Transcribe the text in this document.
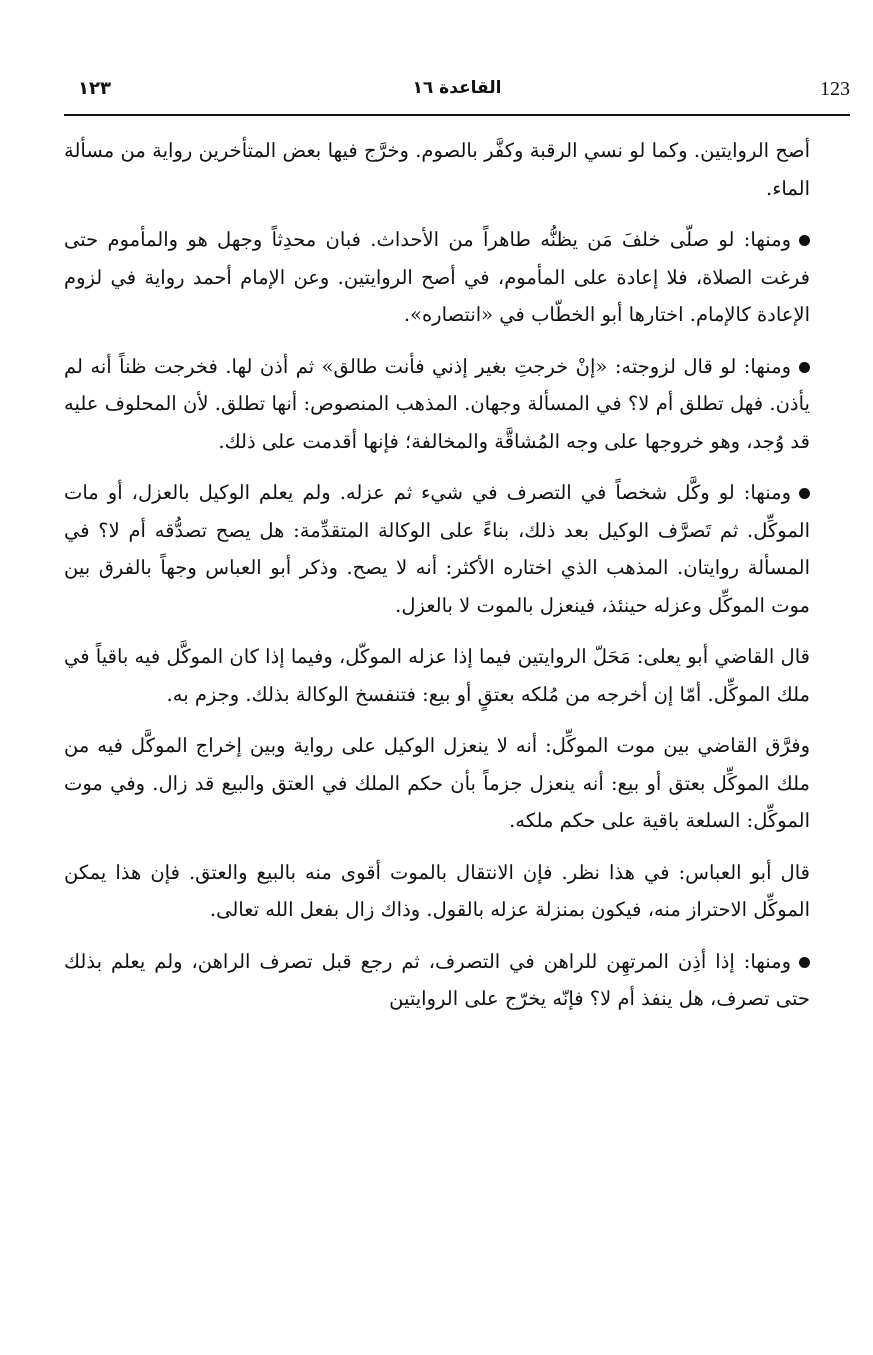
123
القاعدة ١٦
١٢٣

أصح الروايتين. وكما لو نسي الرقبة وكفَّر بالصوم. وخرَّج فيها بعض المتأخرين رواية من مسألة الماء.

ومنها: لو صلّى خلفَ مَن يظنُّه طاهراً من الأحداث. فبان محدِثاً وجهل هو والمأموم حتى فرغت الصلاة، فلا إعادة على المأموم، في أصح الروايتين. وعن الإمام أحمد رواية في لزوم الإعادة كالإمام. اختارها أبو الخطّاب في «انتصاره».

ومنها: لو قال لزوجته: «إنْ خرجتِ بغير إذني فأنت طالق» ثم أذن لها. فخرجت ظناً أنه لم يأذن. فهل تطلق أم لا؟ في المسألة وجهان. المذهب المنصوص: أنها تطلق. لأن المحلوف عليه قد وُجد، وهو خروجها على وجه المُشاقَّة والمخالفة؛ فإنها أقدمت على ذلك.

ومنها: لو وكَّل شخصاً في التصرف في شيء ثم عزله. ولم يعلم الوكيل بالعزل، أو مات الموكِّل. ثم تَصرَّف الوكيل بعد ذلك، بناءً على الوكالة المتقدِّمة: هل يصح تصدُّقه أم لا؟ في المسألة روايتان. المذهب الذي اختاره الأكثر: أنه لا يصح. وذكر أبو العباس وجهاً بالفرق بين موت الموكِّل وعزله حينئذ، فينعزل بالموت لا بالعزل.

قال القاضي أبو يعلى: مَحَلّ الروايتين فيما إذا عزله الموكّل، وفيما إذا كان الموكَّل فيه باقياً في ملك الموكِّل. أمّا إن أخرجه من مُلكه بعتقٍ أو بيع: فتنفسخ الوكالة بذلك. وجزم به.

وفرَّق القاضي بين موت الموكِّل: أنه لا ينعزل الوكيل على رواية وبين إخراج الموكَّل فيه من ملك الموكِّل بعتق أو بيع: أنه ينعزل جزماً بأن حكم الملك في العتق والبيع قد زال. وفي موت الموكِّل: السلعة باقية على حكم ملكه.

قال أبو العباس: في هذا نظر. فإن الانتقال بالموت أقوى منه بالبيع والعتق. فإن هذا يمكن الموكِّل الاحتراز منه، فيكون بمنزلة عزله بالقول. وذاك زال بفعل الله تعالى.

ومنها: إذا أذِن المرتهِن للراهن في التصرف، ثم رجع قبل تصرف الراهن، ولم يعلم بذلك حتى تصرف، هل ينفذ أم لا؟ فإنّه يخرّج على الروايتين
